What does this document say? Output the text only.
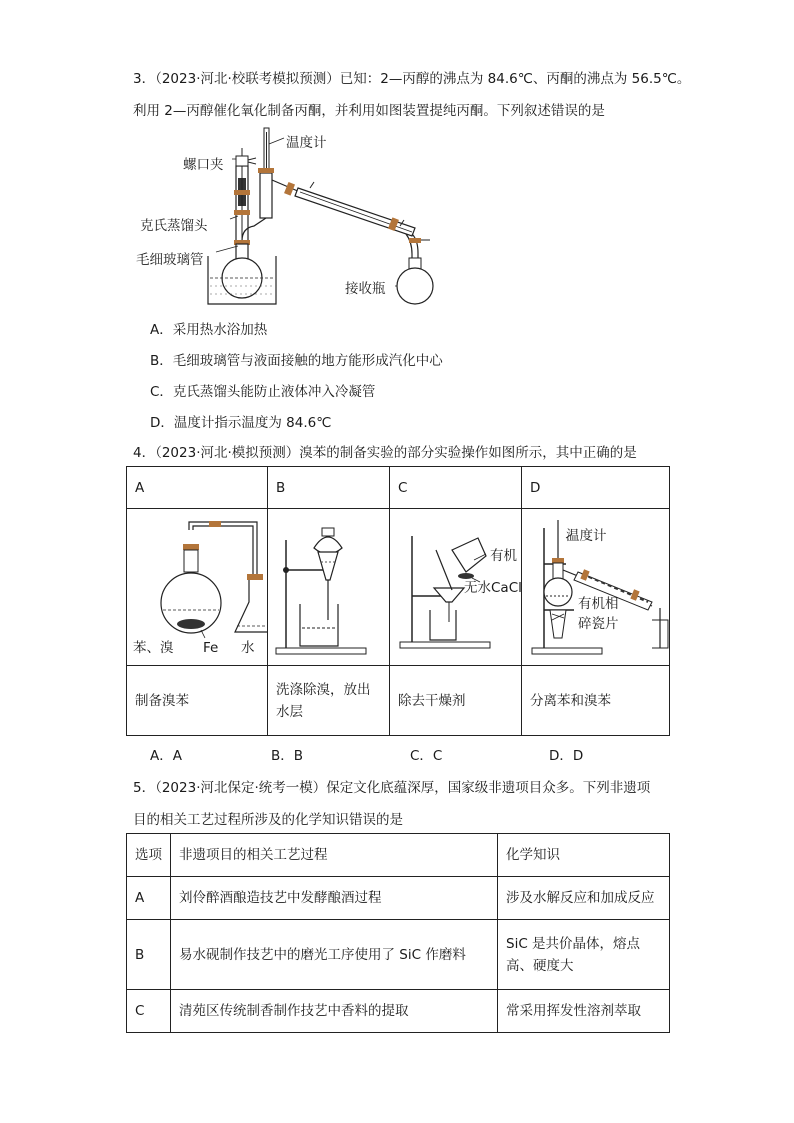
3．（2023·河北·校联考模拟预测）已知：2—丙醇的沸点为 84.6℃、丙酮的沸点为 56.5℃。
利用 2—丙醇催化氧化制备丙酮，并利用如图装置提纯丙酮。下列叙述错误的是
温度计
螺口夹
克氏蒸馏头
毛细玻璃管
接收瓶
A．采用热水浴加热
B．毛细玻璃管与液面接触的地方能形成汽化中心
C．克氏蒸馏头能防止液体冲入冷凝管
D．温度计指示温度为 84.6℃
4．（2023·河北·模拟预测）溴苯的制备实验的部分实验操作如图所示，其中正确的是
A	B	C	D

苯、溴 Fe 水		有机
无水CaCl	温度计
有机相
碎瓷片

制备溴苯	洗涤除溴，放出水层	除去干燥剂	分离苯和溴苯
A．A	B．B	C．C	D．D
5．（2023·河北保定·统考一模）保定文化底蕴深厚，国家级非遗项目众多。下列非遗项
目的相关工艺过程所涉及的化学知识错误的是
选项	非遗项目的相关工艺过程	化学知识
A	刘伶醉酒酿造技艺中发酵酿酒过程	涉及水解反应和加成反应
B	易水砚制作技艺中的磨光工序使用了 SiC 作磨料	SiC 是共价晶体，熔点高、硬度大
C	清苑区传统制香制作技艺中香料的提取	常采用挥发性溶剂萃取
